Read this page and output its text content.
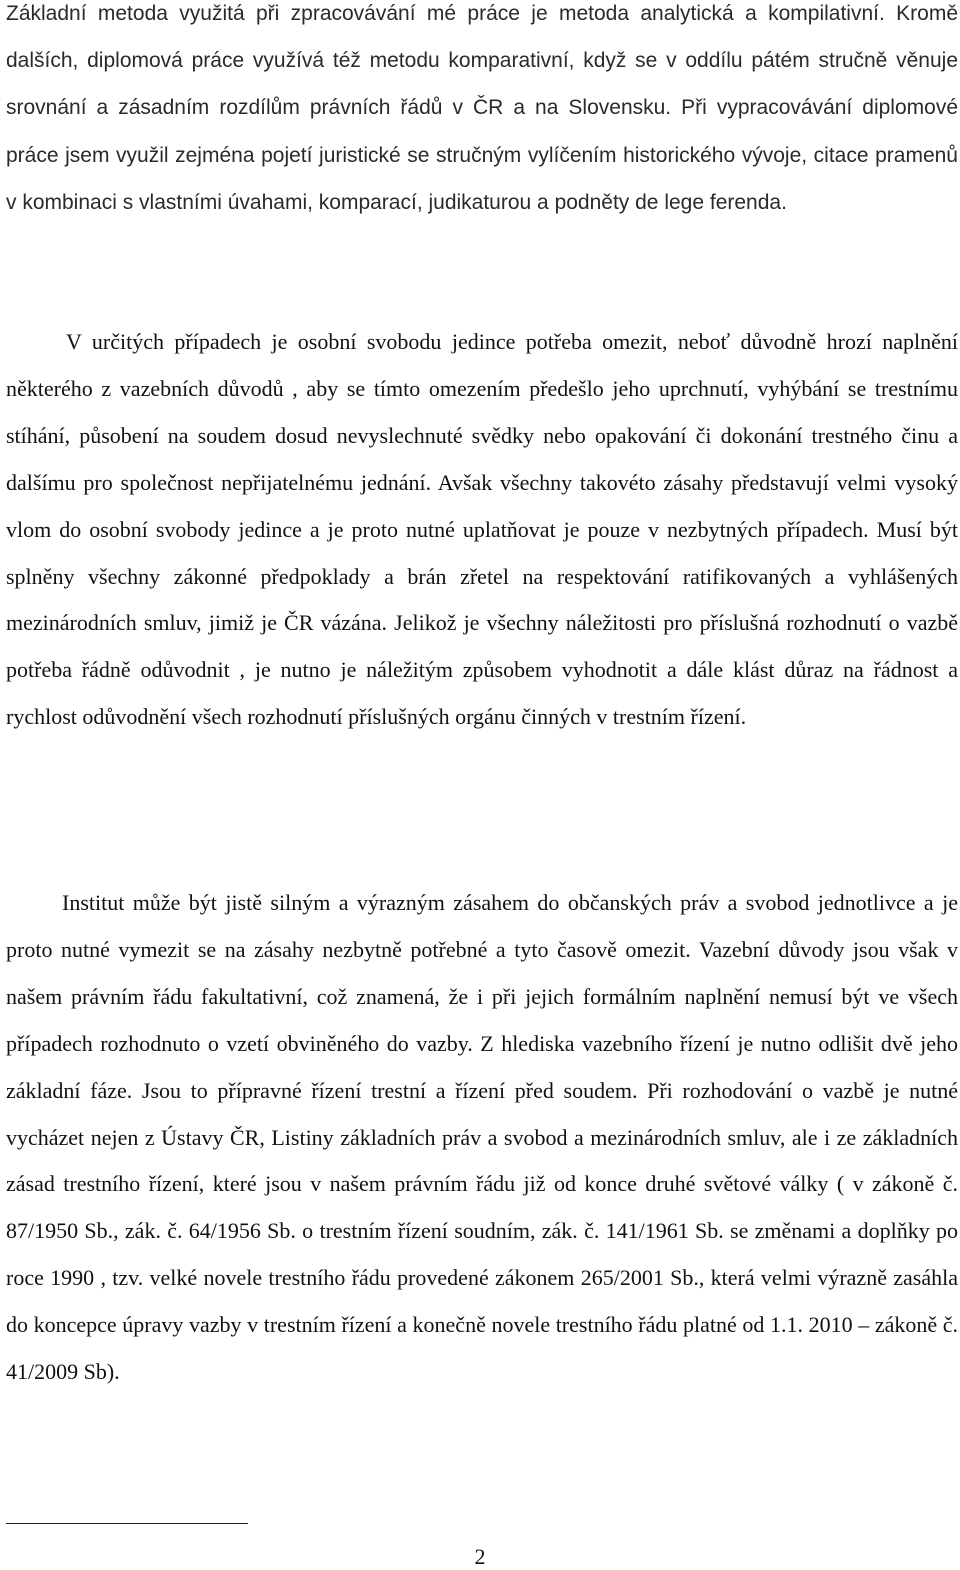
Základní metoda využitá při zpracovávání mé práce je metoda analytická a kompilativní. Kromě dalších, diplomová práce využívá též metodu komparativní, když se v oddílu pátém stručně věnuje srovnání a zásadním rozdílům právních řádů v ČR a na Slovensku. Při vypracovávání diplomové práce jsem využil zejména pojetí juristické se stručným vylíčením historického vývoje, citace pramenů v kombinaci s vlastními úvahami, komparací, judikaturou a podněty de lege ferenda.

V určitých případech je osobní svobodu jedince potřeba omezit, neboť důvodně hrozí naplnění některého z vazebních důvodů , aby se tímto omezením předešlo jeho uprchnutí, vyhýbání se trestnímu stíhání, působení na soudem dosud nevyslechnuté svědky nebo opakování či dokonání trestného činu a dalšímu pro společnost nepřijatelnému jednání. Avšak všechny takovéto zásahy představují velmi vysoký vlom do osobní svobody jedince a je proto nutné uplatňovat je pouze v nezbytných případech. Musí být splněny všechny zákonné předpoklady a brán zřetel na respektování ratifikovaných a vyhlášených mezinárodních smluv, jimiž je ČR vázána. Jelikož je všechny náležitosti pro příslušná rozhodnutí o vazbě potřeba řádně odůvodnit , je nutno je náležitým způsobem vyhodnotit a dále klást důraz na řádnost a rychlost odůvodnění všech rozhodnutí příslušných orgánu činných v trestním řízení.

Institut může být jistě silným a výrazným zásahem do občanských práv a svobod jednotlivce a je proto nutné vymezit se na zásahy nezbytně potřebné a tyto časově omezit. Vazební důvody jsou však v našem právním řádu fakultativní, což znamená, že i při jejich formálním naplnění nemusí být ve všech případech rozhodnuto o vzetí obviněného do vazby. Z hlediska vazebního řízení je nutno odlišit dvě jeho základní fáze. Jsou to přípravné řízení trestní a řízení před soudem. Při rozhodování o vazbě je nutné vycházet nejen z Ústavy ČR, Listiny základních práv a svobod a mezinárodních smluv, ale i ze základních zásad trestního řízení, které jsou v našem právním řádu již od konce druhé světové války ( v zákoně č. 87/1950 Sb., zák. č. 64/1956 Sb. o trestním řízení soudním, zák. č. 141/1961 Sb. se změnami a doplňky po roce 1990 , tzv. velké novele trestního řádu provedené zákonem 265/2001 Sb., která velmi výrazně zasáhla do koncepce úpravy vazby v trestním řízení a konečně novele trestního řádu platné od 1.1. 2010 – zákoně č. 41/2009 Sb).

2
